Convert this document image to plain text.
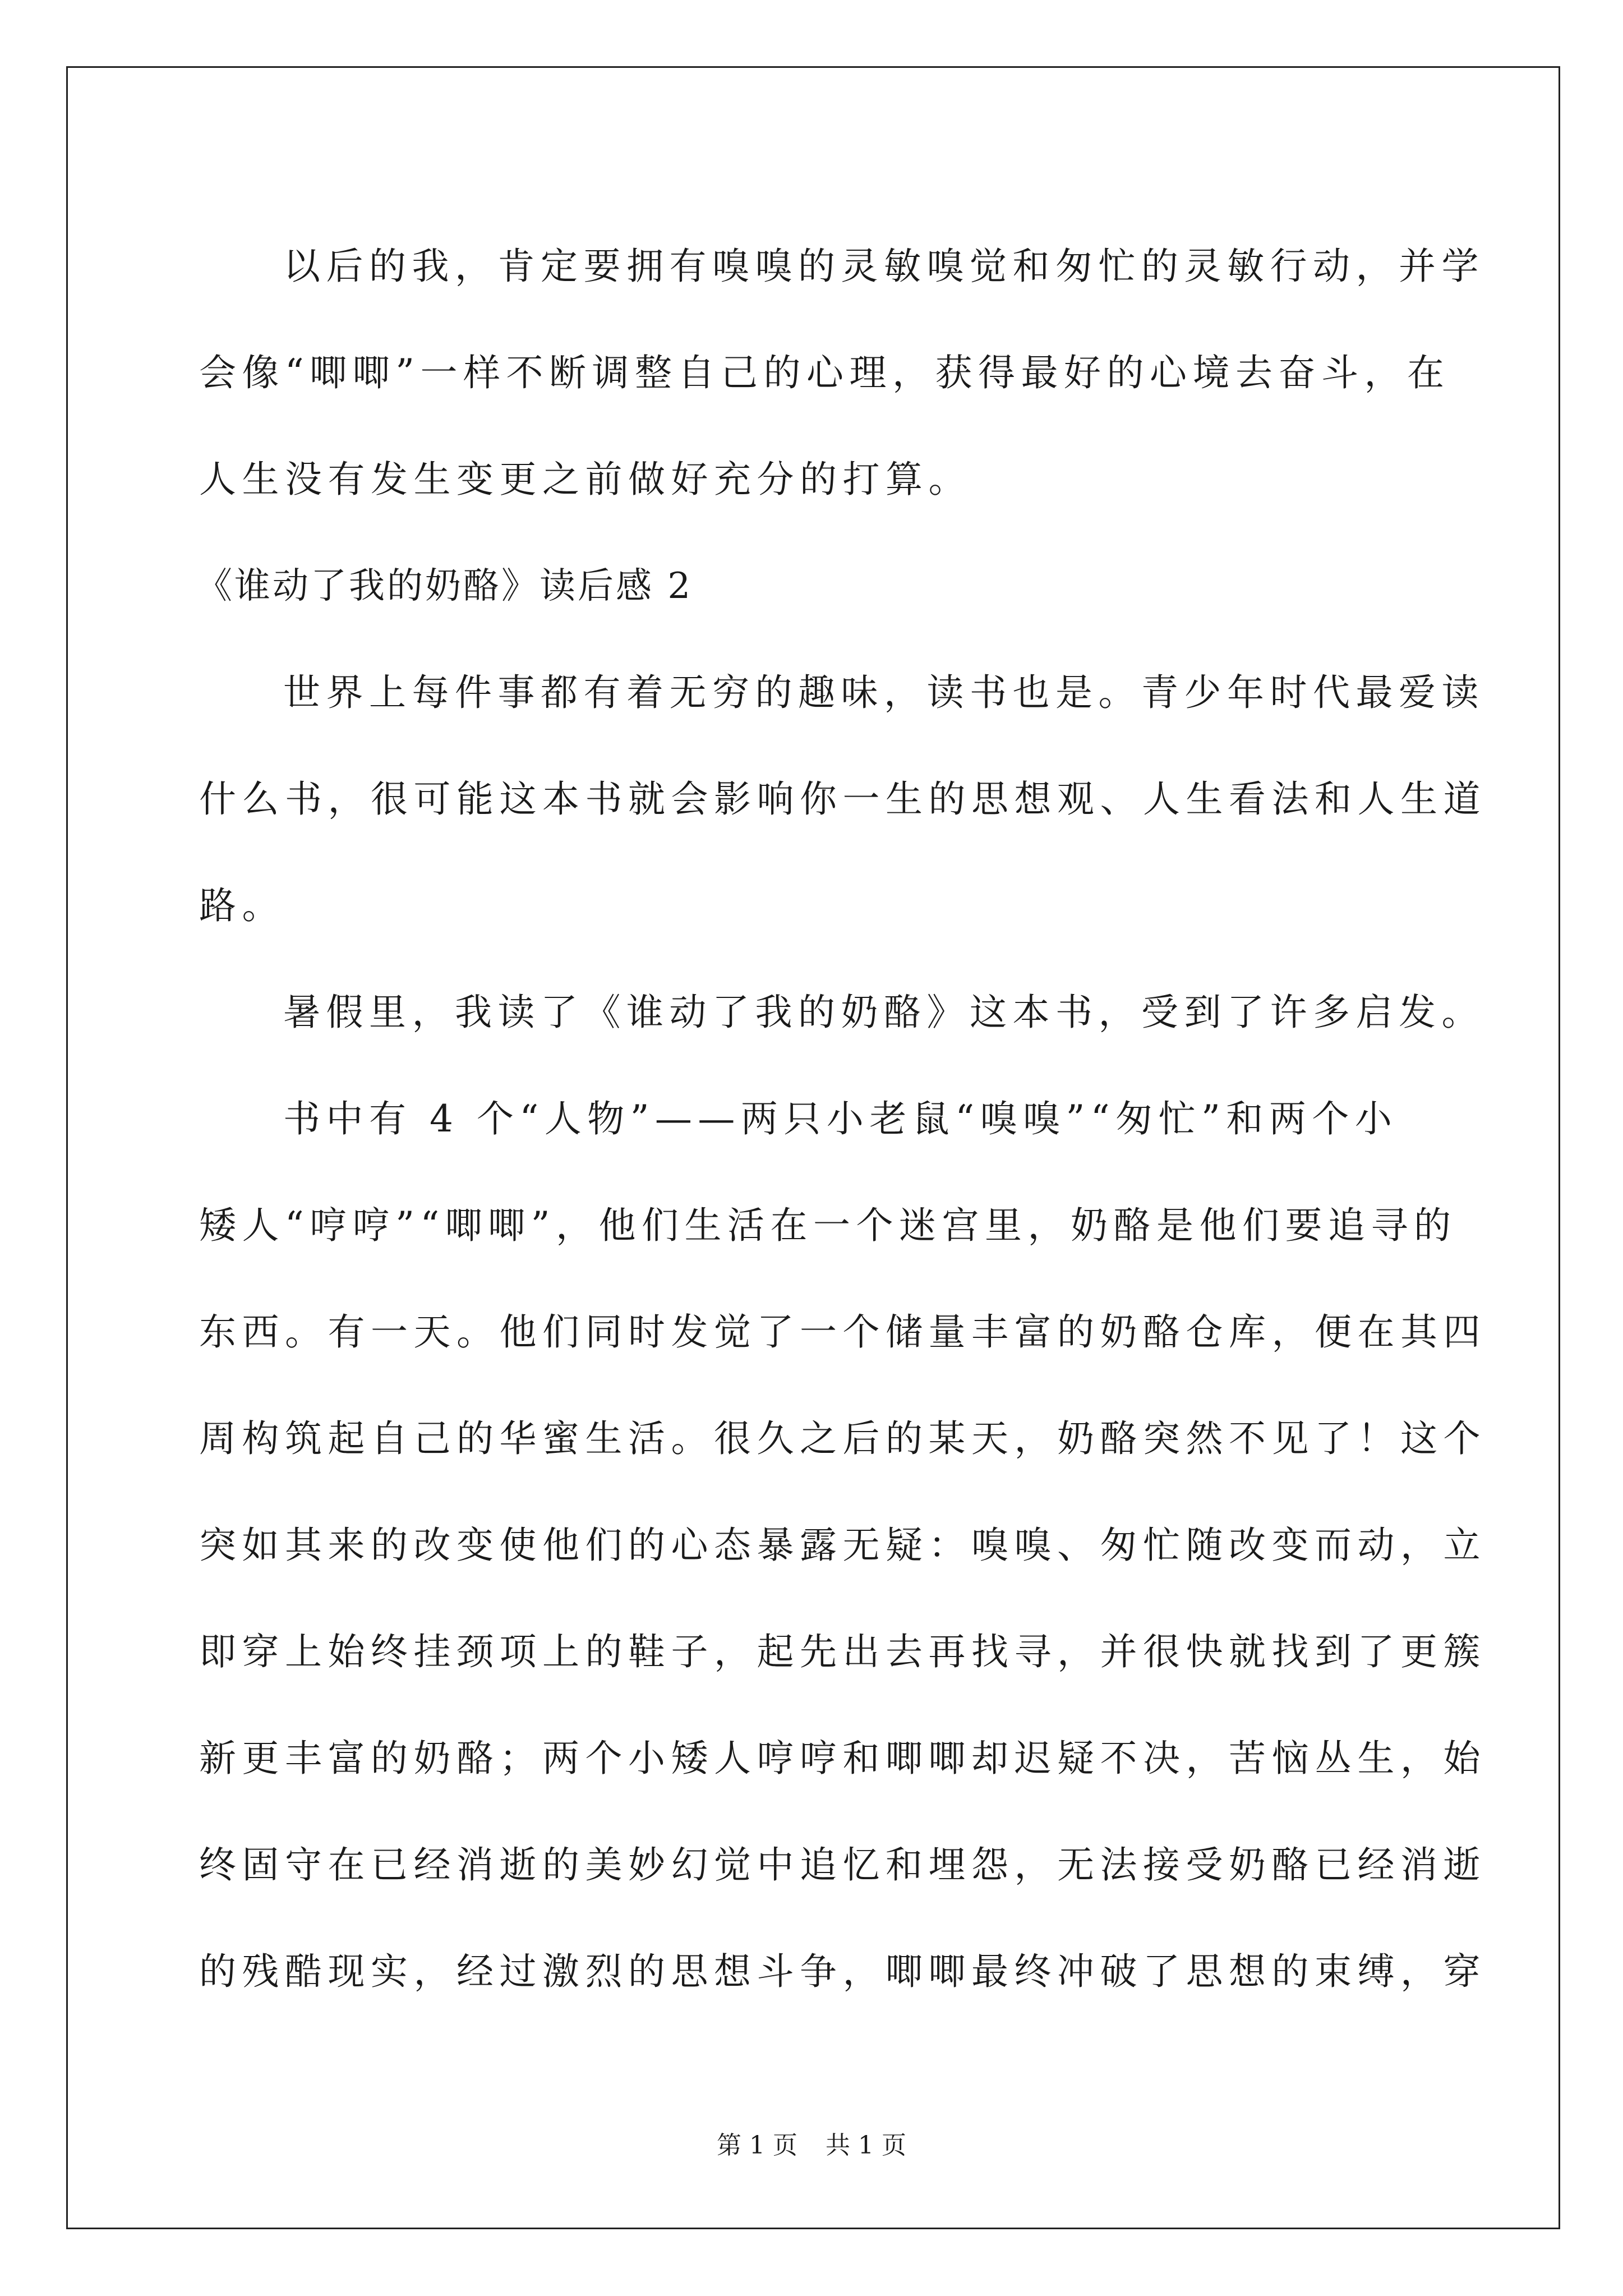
以后的我，肯定要拥有嗅嗅的灵敏嗅觉和匆忙的灵敏行动，并学
会像“唧唧”一样不断调整自己的心理，获得最好的心境去奋斗，在
人生没有发生变更之前做好充分的打算。
《谁动了我的奶酪》读后感 2
世界上每件事都有着无穷的趣味，读书也是。青少年时代最爱读
什么书，很可能这本书就会影响你一生的思想观、人生看法和人生道
路。
暑假里，我读了《谁动了我的奶酪》这本书，受到了许多启发。
书中有 4 个“人物”——两只小老鼠“嗅嗅”“匆忙”和两个小
矮人“哼哼”“唧唧”，他们生活在一个迷宫里，奶酪是他们要追寻的
东西。有一天。他们同时发觉了一个储量丰富的奶酪仓库，便在其四
周构筑起自己的华蜜生活。很久之后的某天，奶酪突然不见了！这个
突如其来的改变使他们的心态暴露无疑：嗅嗅、匆忙随改变而动，立
即穿上始终挂颈项上的鞋子，起先出去再找寻，并很快就找到了更簇
新更丰富的奶酪；两个小矮人哼哼和唧唧却迟疑不决，苦恼丛生，始
终固守在已经消逝的美妙幻觉中追忆和埋怨，无法接受奶酪已经消逝
的残酷现实，经过激烈的思想斗争，唧唧最终冲破了思想的束缚，穿
第 1 页 共 1 页
